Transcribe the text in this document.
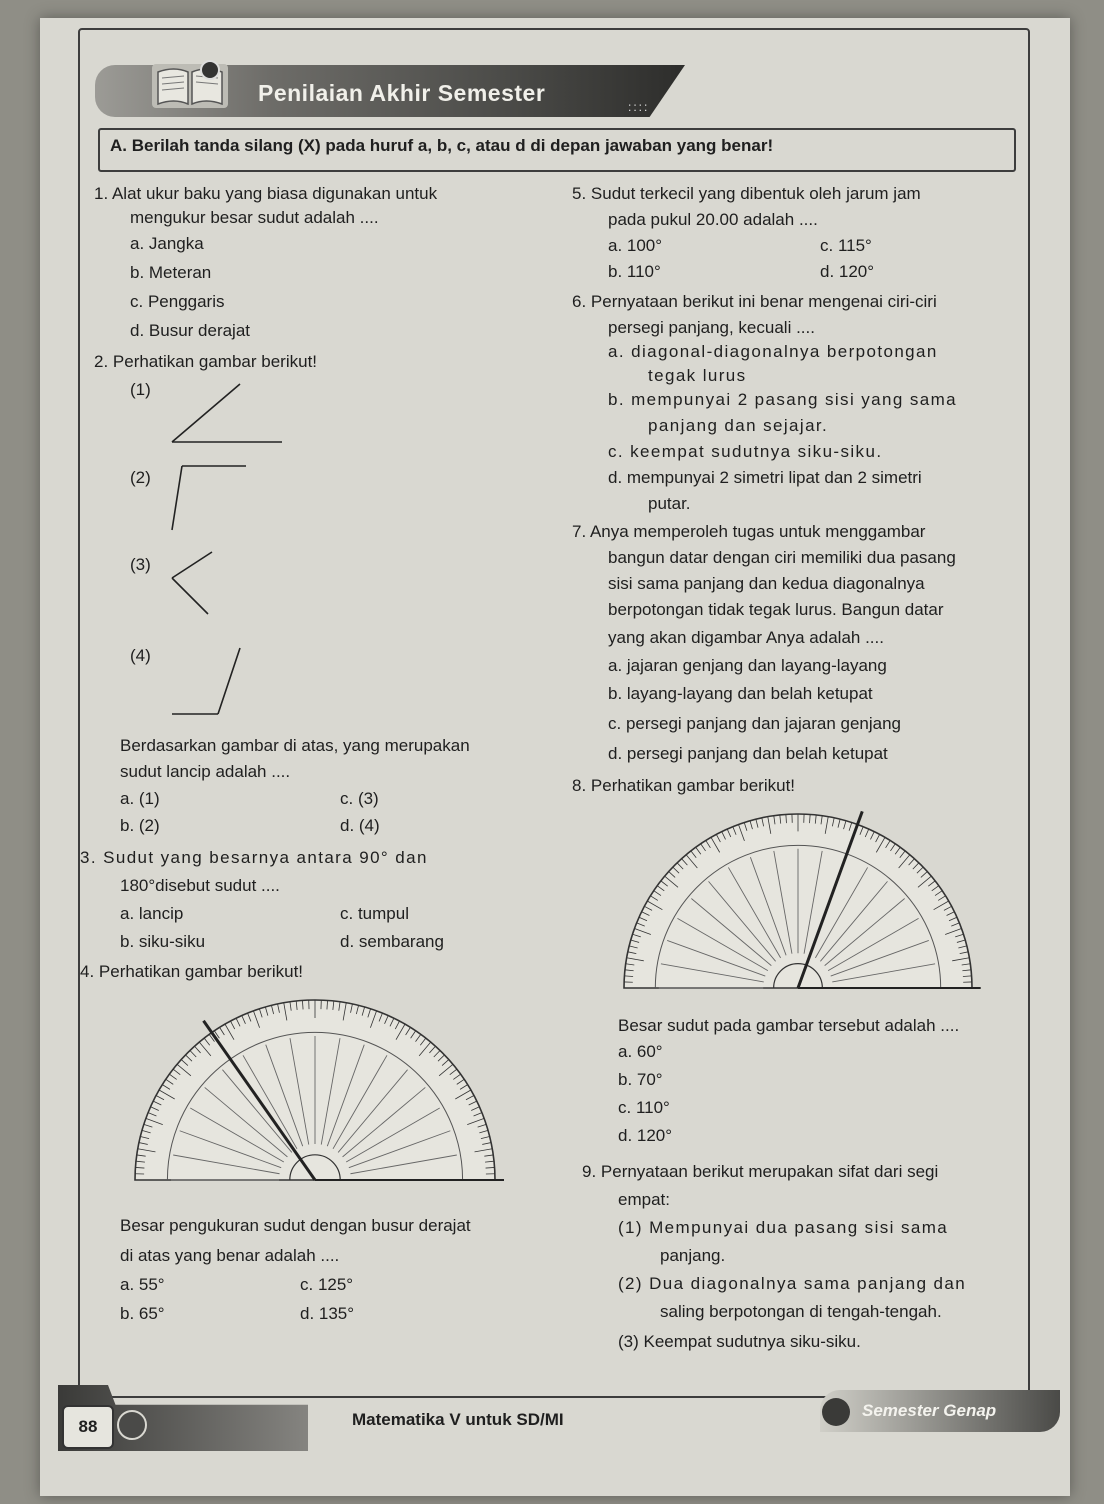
Penilaian Akhir Semester
::::
A. Berilah tanda silang (X) pada huruf a, b, c, atau d di depan jawaban yang benar!
1. Alat ukur baku yang biasa digunakan untuk
mengukur besar sudut adalah ....
a. Jangka
b. Meteran
c. Penggaris
d. Busur derajat
2. Perhatikan gambar berikut!
(1)
(2)
(3)
(4)
Berdasarkan gambar di atas, yang merupakan
sudut lancip adalah ....
a. (1)	c. (3)
b. (2)	d. (4)
3. Sudut yang besarnya antara 90° dan
180°disebut sudut ....
a. lancip	c. tumpul
b. siku-siku	d. sembarang
4. Perhatikan gambar berikut!
Besar pengukuran sudut dengan busur derajat
di atas yang benar adalah ....
a. 55°	c. 125°
b. 65°	d. 135°
5. Sudut terkecil yang dibentuk oleh jarum jam
pada pukul 20.00 adalah ....
a. 100°	c. 115°
b. 110°	d. 120°
6. Pernyataan berikut ini benar mengenai ciri-ciri
persegi panjang, kecuali ....
a. diagonal-diagonalnya berpotongan
tegak lurus
b. mempunyai 2 pasang sisi yang sama
panjang dan sejajar.
c. keempat sudutnya siku-siku.
d. mempunyai 2 simetri lipat dan 2 simetri
putar.
7. Anya memperoleh tugas untuk menggambar
bangun datar dengan ciri memiliki dua pasang
sisi sama panjang dan kedua diagonalnya
berpotongan tidak tegak lurus. Bangun datar
yang akan digambar Anya adalah ....
a. jajaran genjang dan layang-layang
b. layang-layang dan belah ketupat
c. persegi panjang dan jajaran genjang
d. persegi panjang dan belah ketupat
8. Perhatikan gambar berikut!
Besar sudut pada gambar tersebut adalah ....
a. 60°
b. 70°
c. 110°
d. 120°
9. Pernyataan berikut merupakan sifat dari segi
empat:
(1) Mempunyai dua pasang sisi sama
panjang.
(2) Dua diagonalnya sama panjang dan
saling berpotongan di tengah-tengah.
(3) Keempat sudutnya siku-siku.
88	Matematika V untuk SD/MI	Semester Genap
